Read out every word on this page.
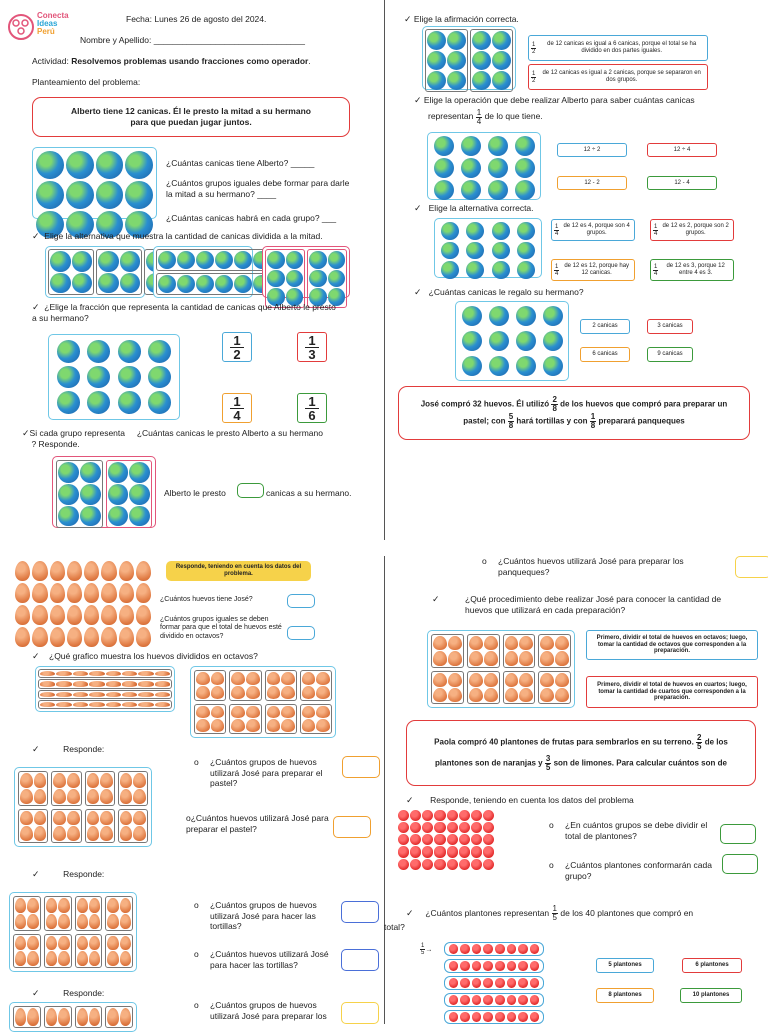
Conecta
Ideas
Perú
Fecha: Lunes 26 de agosto del 2024.
Nombre y Apellido: ________________________________
Actividad: Resolvemos problemas usando fracciones como operador.
Planteamiento del problema:
Alberto tiene 12 canicas. Él le presto la mitad a su hermano para que puedan jugar juntos.
¿Cuántas canicas tiene Alberto? _____
¿Cuántos grupos iguales debe formar para darle la mitad a su hermano? ____
¿Cuántas canicas habrá en cada grupo? ___
✓ Elige la alternativa que muestra la cantidad de canicas dividida a la mitad.
✓ ¿Elige la fracción que representa la cantidad de canicas que Alberto le presto a su hermano?
1
2
1
3
1
4
1
6
✓Si cada grupo representa ¿Cuántas canicas le presto Alberto a su hermano
? Responde.
Alberto le presto	canicas a su hermano.
✓ Elige la afirmación correcta.
$\frac{1}{2}$	de 12 canicas es igual a 6 canicas, porque el total se ha dividido en dos partes iguales.
$\frac{1}{2}$	de 12 canicas es igual a 2 canicas, porque se separaron en dos grupos.
✓ Elige la operación que debe realizar Alberto para saber cuántas canicas
representan $\frac{1}{4}$ de lo que tiene.
12 ÷ 2	12 ÷ 4
12 - 2	12 - 4
✓ Elige la alternativa correcta.
$\frac{1}{4}$ de 12 es 4, porque son 4 grupos.	$\frac{1}{4}$ de 12 es 2, porque son 2 grupos.
$\frac{1}{4}$ de 12 es 12, porque hay 12 canicas.	$\frac{1}{4}$	de 12 es 3, porque 12 entre 4 es 3.
✓ ¿Cuántas canicas le regalo su hermano?
2 canicas	3 canicas
6 canicas	9 canicas
José compró 32 huevos. Él utilizó $\frac{2}{8}$ de los huevos que compró para preparar un
pastel; con $\frac{5}{8}$ hará tortillas y con $\frac{1}{8}$ preparará panqueques
Responde, teniendo en cuenta los datos del problema.
¿Cuántos huevos tiene José?
¿Cuántos grupos iguales se deben formar para que el total de huevos esté dividido en octavos?
✓ ¿Qué grafico muestra los huevos divididos en octavos?
✓	Responde:
o ¿Cuántos grupos de huevos utilizará José para preparar el pastel?
o¿Cuántos huevos utilizará José para preparar el pastel?
✓	Responde:
o ¿Cuántos grupos de huevos utilizará José para hacer las tortillas?
o ¿Cuántos huevos utilizará José para hacer las tortillas?
✓	Responde:
o ¿Cuántos grupos de huevos utilizará José para preparar los
o ¿Cuántos huevos utilizará José para preparar los panqueques?
✓	¿Qué procedimiento debe realizar José para conocer la cantidad de huevos que utilizará en cada preparación?
Primero, dividir el total de huevos en octavos; luego, tomar la cantidad de octavos que corresponden a la preparación.
Primero, dividir el total de huevos en cuartos; luego, tomar la cantidad de cuartos que corresponden a la preparación.
Paola compró 40 plantones de frutas para sembrarlos en su terreno. $\frac{2}{5}$ de los
plantones son de naranjas y $\frac{3}{5}$ son de limones. Para calcular cuántos son de
✓ Responde, teniendo en cuenta los datos del problema
o ¿En cuántos grupos se debe dividir el total de plantones?
o ¿Cuántos plantones conformarán cada grupo?
✓ ¿Cuántos plantones representan $\frac{1}{5}$ de los 40 plantones que compró en
total?
$\frac{1}{5}$ →
5 plantones	6 plantones
8 plantones	10 plantones
